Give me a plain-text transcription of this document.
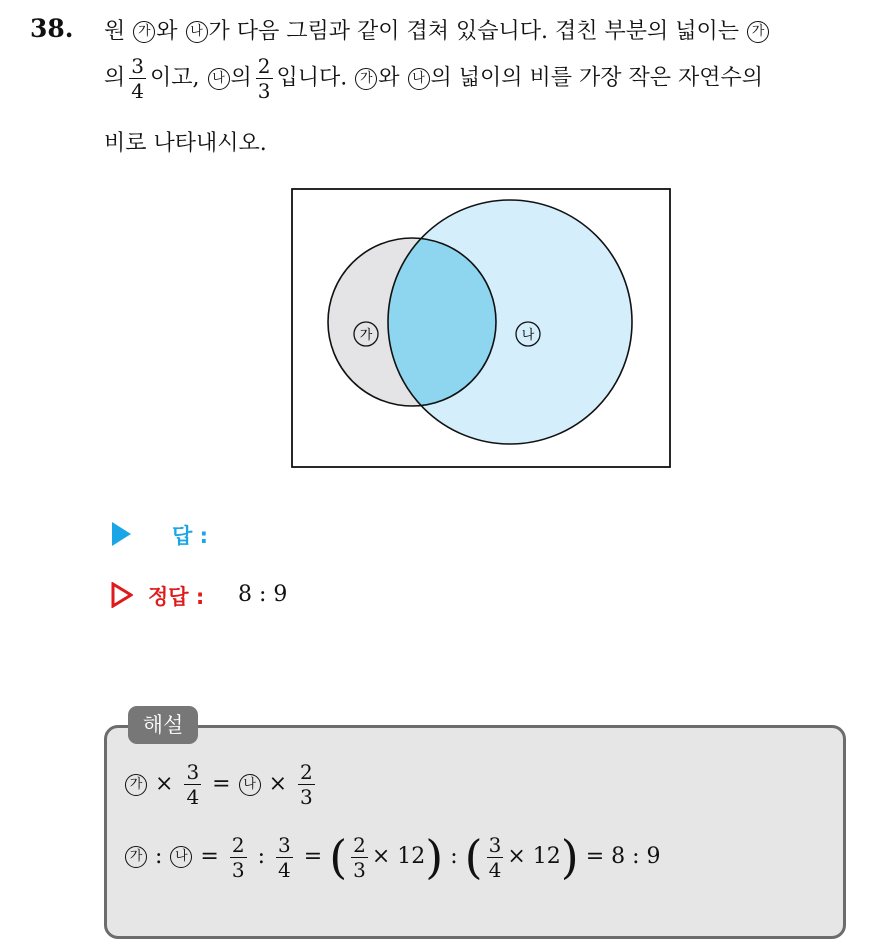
38. 원 가 와 나 가 다음 그림과 같이 겹쳐 있습니다. 겹친 부분의 넓이는 가
의 $\frac{3}{4}$ 이고, 나 의 $\frac{2}{3}$ 입니다. 가 와 나 의 넓이의 비를 가장 작은 자연수의
비로 나타내시오.
가	나
답 :
정답 : 8 : 9
해설
가 × $\frac{3}{4}$ = 나 × $\frac{2}{3}$
가 : 나 = $\frac{2}{3}$ : $\frac{3}{4}$ = ( $\frac{2}{3} \times 12$) : ( $\frac{3}{4} \times 12) = 8$ : 9
